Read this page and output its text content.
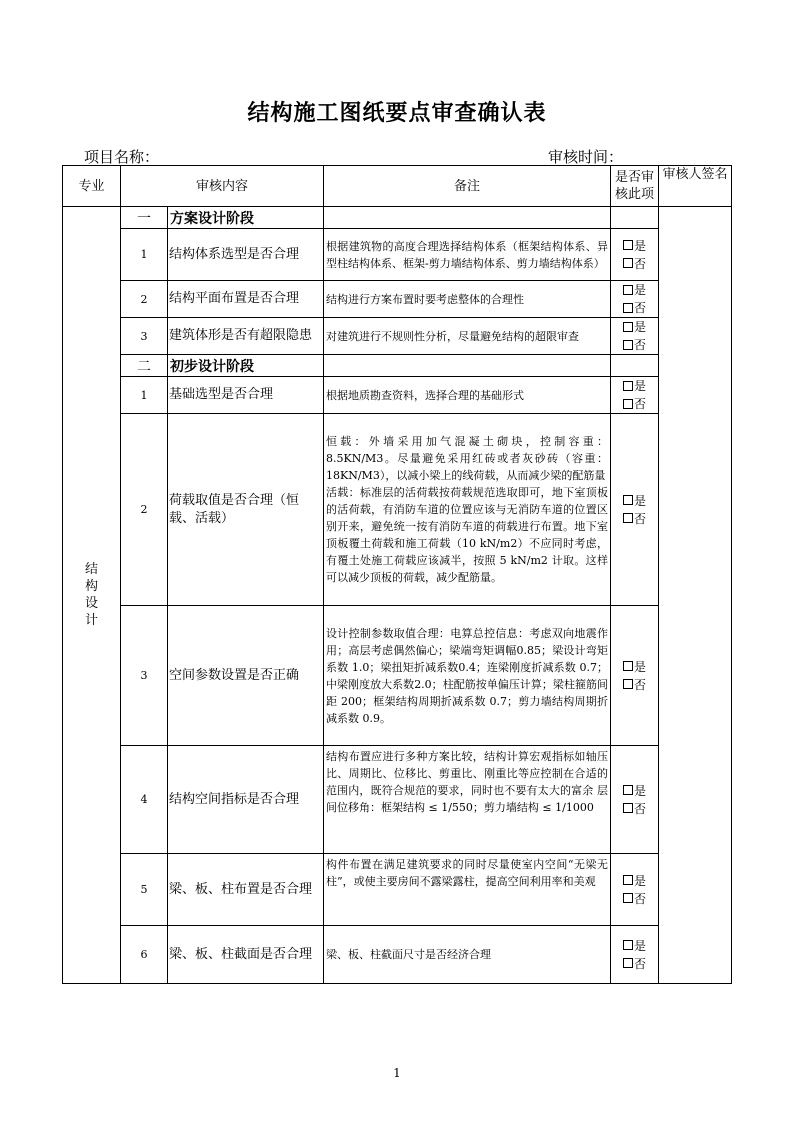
结构施工图纸要点审查确认表
项目名称：	审核时间：
专业	审核内容		备注	是否审核此项	审核人签名
结构设计	一	方案设计阶段			
	1	结构体系选型是否合理	根据建筑物的高度合理选择结构体系（框架结构体系、异型柱结构体系、框架-剪力墙结构体系、剪力墙结构体系）	是
否	

	2	结构平面布置是否合理	结构进行方案布置时要考虑整体的合理性	是
否	

	3	建筑体形是否有超限隐患	对建筑进行不规则性分析，尽量避免结构的超限审查	是
否	

	二	初步设计阶段			
	1	基础选型是否合理	根据地质勘查资料，选择合理的基础形式	是
否	

	2	荷载取值是否合理（恒载、活载）	恒载：外墙采用加气混凝土砌块，控制容重：8.5KN/M3。尽量避免采用红砖或者灰砂砖（容重：18KN/M3），以减小梁上的线荷载，从而减少梁的配筋量
活载：标准层的活荷载按荷载规范选取即可，地下室顶板的活荷载，有消防车道的位置应该与无消防车道的位置区别开来，避免统一按有消防车道的荷载进行布置。地下室顶板覆土荷载和施工荷载（10 kN/m2）不应同时考虑，有覆土处施工荷载应该减半，按照 5 kN/m2 计取。这样可以减少顶板的荷载，减少配筋量。	是
否	

	3	空间参数设置是否正确	设计控制参数取值合理：电算总控信息：考虑双向地震作用；高层考虑偶然偏心；梁端弯矩调幅0.85；梁设计弯矩系数 1.0；梁扭矩折减系数0.4；连梁刚度折减系数 0.7；中梁刚度放大系数2.0；柱配筋按单偏压计算；梁柱箍筋间距 200；框架结构周期折减系数 0.7；剪力墙结构周期折减系数 0.9。	是
否	

	4	结构空间指标是否合理	结构布置应进行多种方案比较，结构计算宏观指标如轴压比、周期比、位移比、剪重比、刚重比等应控制在合适的范围内，既符合规范的要求，同时也不要有太大的富余 层间位移角：框架结构 ≤ 1/550；剪力墙结构 ≤ 1/1000	是
否	

	5	梁、板、柱布置是否合理	构件布置在满足建筑要求的同时尽量使室内空间“无梁无柱”，或使主要房间不露梁露柱，提高空间利用率和美观	是
否	

	6	梁、板、柱截面是否合理	梁、板、柱截面尺寸是否经济合理	是
否	
1
